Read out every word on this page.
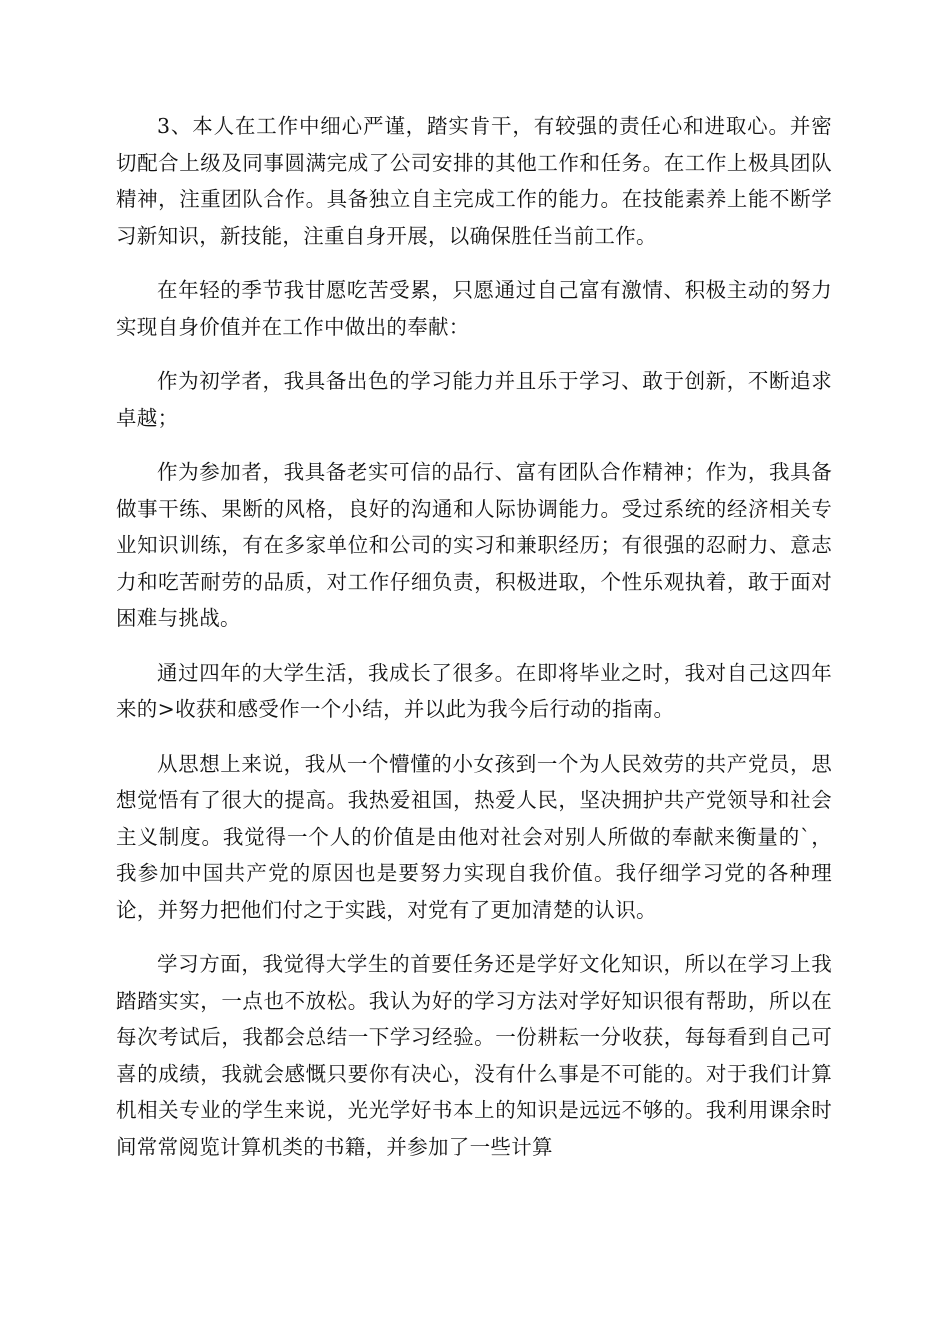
3、本人在工作中细心严谨，踏实肯干，有较强的责任心和进取心。并密切配合上级及同事圆满完成了公司安排的其他工作和任务。在工作上极具团队精神，注重团队合作。具备独立自主完成工作的能力。在技能素养上能不断学习新知识，新技能，注重自身开展，以确保胜任当前工作。

在年轻的季节我甘愿吃苦受累，只愿通过自己富有激情、积极主动的努力实现自身价值并在工作中做出的奉献：

作为初学者，我具备出色的学习能力并且乐于学习、敢于创新，不断追求卓越；

作为参加者，我具备老实可信的品行、富有团队合作精神；作为，我具备做事干练、果断的风格，良好的沟通和人际协调能力。受过系统的经济相关专业知识训练，有在多家单位和公司的实习和兼职经历；有很强的忍耐力、意志力和吃苦耐劳的品质，对工作仔细负责，积极进取，个性乐观执着，敢于面对困难与挑战。

通过四年的大学生活，我成长了很多。在即将毕业之时，我对自己这四年来的>收获和感受作一个小结，并以此为我今后行动的指南。

从思想上来说，我从一个懵懂的小女孩到一个为人民效劳的共产党员，思想觉悟有了很大的提高。我热爱祖国，热爱人民，坚决拥护共产党领导和社会主义制度。我觉得一个人的价值是由他对社会对别人所做的奉献来衡量的`，我参加中国共产党的原因也是要努力实现自我价值。我仔细学习党的各种理论，并努力把他们付之于实践，对党有了更加清楚的认识。

学习方面，我觉得大学生的首要任务还是学好文化知识，所以在学习上我踏踏实实，一点也不放松。我认为好的学习方法对学好知识很有帮助，所以在每次考试后，我都会总结一下学习经验。一份耕耘一分收获，每每看到自己可喜的成绩，我就会感慨只要你有决心，没有什么事是不可能的。对于我们计算机相关专业的学生来说，光光学好书本上的知识是远远不够的。我利用课余时间常常阅览计算机类的书籍，并参加了一些计算
